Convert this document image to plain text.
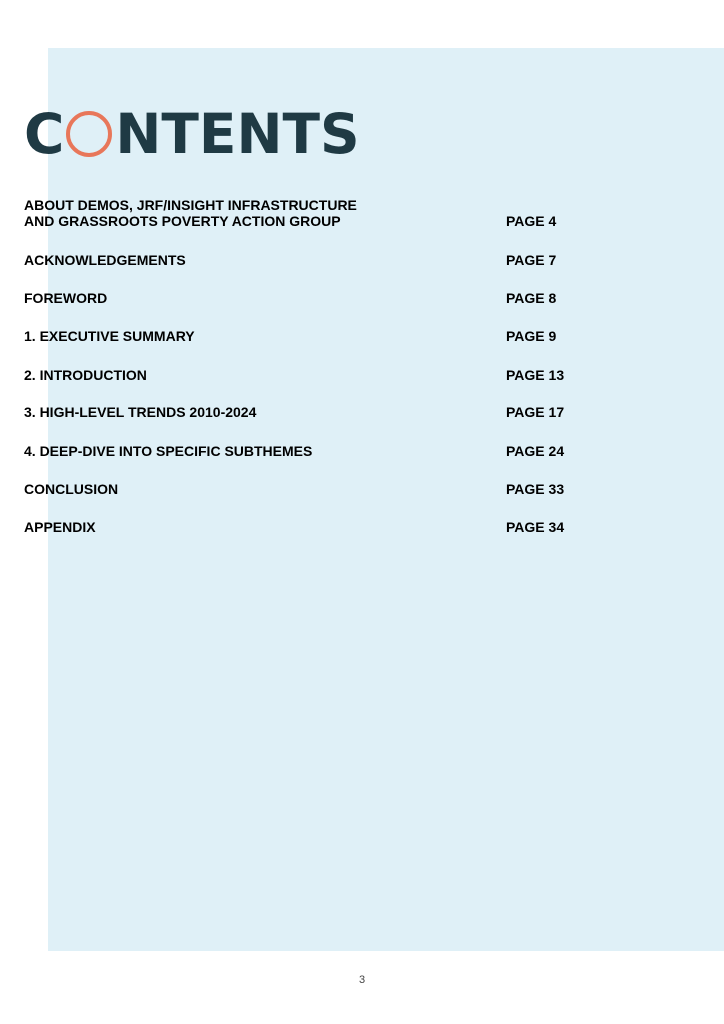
C NTENTS
ABOUT DEMOS, JRF/INSIGHT INFRASTRUCTURE
AND GRASSROOTS POVERTY ACTION GROUP	PAGE 4
ACKNOWLEDGEMENTS	PAGE 7
FOREWORD	PAGE 8
1. EXECUTIVE SUMMARY	PAGE 9
2. INTRODUCTION	PAGE 13
3. HIGH-LEVEL TRENDS 2010-2024	PAGE 17
4. DEEP-DIVE INTO SPECIFIC SUBTHEMES	PAGE 24
CONCLUSION	PAGE 33
APPENDIX	PAGE 34
3
